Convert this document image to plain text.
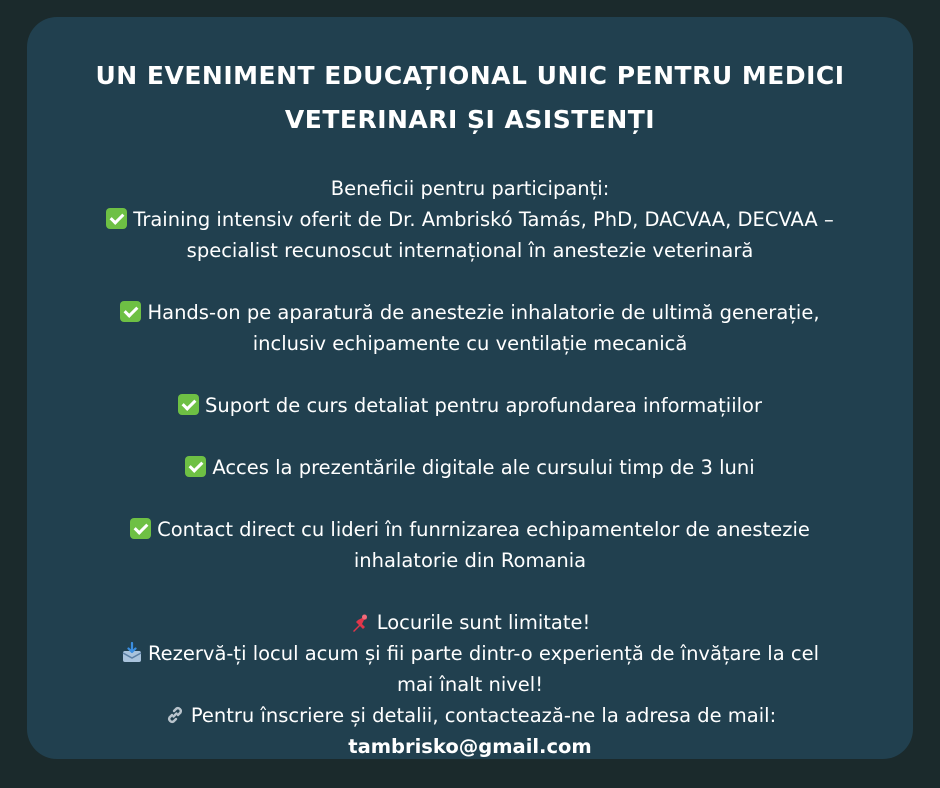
UN EVENIMENT EDUCAȚIONAL UNIC PENTRU MEDICI
VETERINARI ȘI ASISTENȚI
Beneficii pentru participanți:
Training intensiv oferit de Dr. Ambriskó Tamás, PhD, DACVAA, DECVAA –
specialist recunoscut internațional în anestezie veterinară
Hands-on pe aparatură de anestezie inhalatorie de ultimă generație,
inclusiv echipamente cu ventilație mecanică
Suport de curs detaliat pentru aprofundarea informațiilor
Acces la prezentările digitale ale cursului timp de 3 luni
Contact direct cu lideri în funrnizarea echipamentelor de anestezie
inhalatorie din Romania
Locurile sunt limitate!
Rezervă-ți locul acum și fii parte dintr-o experiență de învățare la cel
mai înalt nivel!
Pentru înscriere și detalii, contactează-ne la adresa de mail:
tambrisko@gmail.com
